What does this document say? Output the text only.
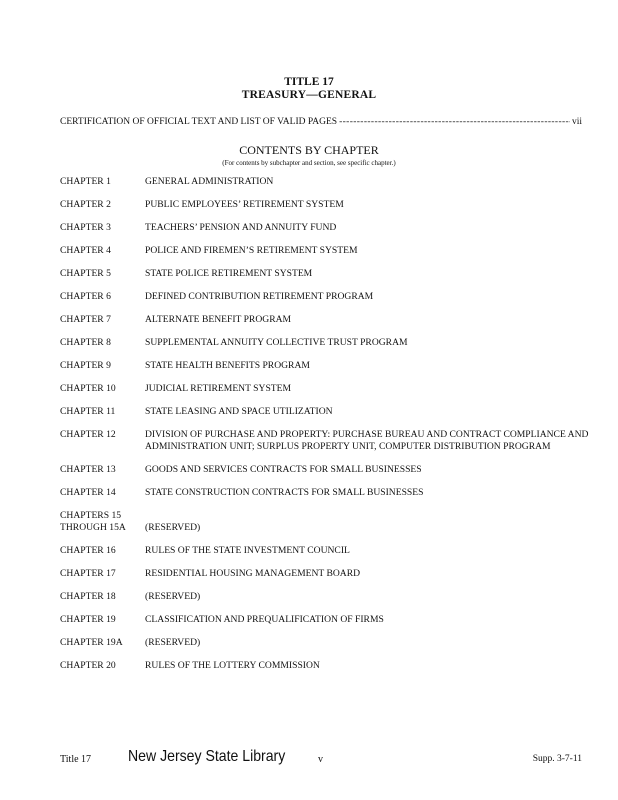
TITLE 17
TREASURY—GENERAL
CERTIFICATION OF OFFICIAL TEXT AND LIST OF VALID PAGES
- - -	vii
CONTENTS BY CHAPTER
(For contents by subchapter and section, see specific chapter.)
CHAPTER 1	GENERAL ADMINISTRATION
CHAPTER 2	PUBLIC EMPLOYEES’ RETIREMENT SYSTEM
CHAPTER 3	TEACHERS’ PENSION AND ANNUITY FUND
CHAPTER 4	POLICE AND FIREMEN’S RETIREMENT SYSTEM
CHAPTER 5	STATE POLICE RETIREMENT SYSTEM
CHAPTER 6	DEFINED CONTRIBUTION RETIREMENT PROGRAM
CHAPTER 7	ALTERNATE BENEFIT PROGRAM
CHAPTER 8	SUPPLEMENTAL ANNUITY COLLECTIVE TRUST PROGRAM
CHAPTER 9	STATE HEALTH BENEFITS PROGRAM
CHAPTER 10	JUDICIAL RETIREMENT SYSTEM
CHAPTER 11	STATE LEASING AND SPACE UTILIZATION
CHAPTER 12	DIVISION OF PURCHASE AND PROPERTY: PURCHASE BUREAU AND CONTRACT COMPLIANCE AND ADMINISTRATION UNIT; SURPLUS PROPERTY UNIT, COMPUTER DISTRIBUTION PROGRAM
CHAPTER 13	GOODS AND SERVICES CONTRACTS FOR SMALL BUSINESSES
CHAPTER 14	STATE CONSTRUCTION CONTRACTS FOR SMALL BUSINESSES
CHAPTERS 15
THROUGH 15A	(RESERVED)
CHAPTER 16	RULES OF THE STATE INVESTMENT COUNCIL
CHAPTER 17	RESIDENTIAL HOUSING MANAGEMENT BOARD
CHAPTER 18	(RESERVED)
CHAPTER 19	CLASSIFICATION AND PREQUALIFICATION OF FIRMS
CHAPTER 19A	(RESERVED)
CHAPTER 20	RULES OF THE LOTTERY COMMISSION
Title 17 New Jersey State Library	v	Supp. 3-7-11
